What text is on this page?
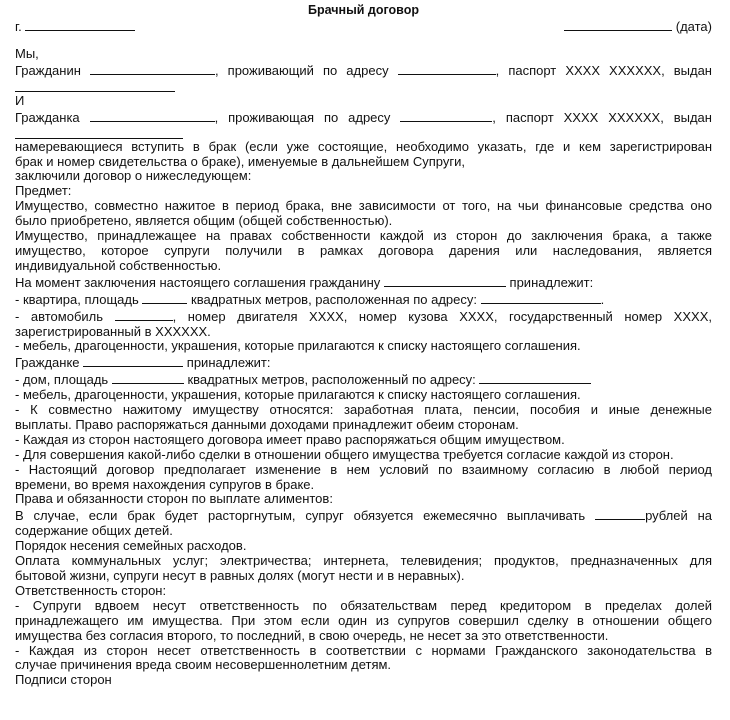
Брачный договор
г.	(дата)
Мы,
Гражданин	, проживающий по адресу	, паспорт ХХХХ ХХХХХХ, выдан
И
Гражданка	, проживающая по адресу	, паспорт ХХХХ ХХХХХХ, выдан
намеревающиеся вступить в брак (если уже состоящие, необходимо указать, где и кем зарегистрирован
брак и номер свидетельства о браке), именуемые в дальнейшем Супруги,
заключили договор о нижеследующем:
Предмет:
Имущество, совместно нажитое в период брака, вне зависимости от того, на чьи финансовые средства оно
было приобретено, является общим (общей собственностью).
Имущество, принадлежащее на правах собственности каждой из сторон до заключения брака, а также
имущество, которое супруги получили в рамках договора дарения или наследования, является
индивидуальной собственностью.
На момент заключения настоящего соглашения гражданину	принадлежит:
- квартира, площадь	квадратных метров, расположенная по адресу:	.
- автомобиль	, номер двигателя ХХХХ, номер кузова ХХХХ, государственный номер ХХХХ,
зарегистрированный в ХХХХХХ.
- мебель, драгоценности, украшения, которые прилагаются к списку настоящего соглашения.
Гражданке	принадлежит:
- дом, площадь	квадратных метров, расположенный по адресу:
- мебель, драгоценности, украшения, которые прилагаются к списку настоящего соглашения.
- К совместно нажитому имуществу относятся: заработная плата, пенсии, пособия и иные денежные
выплаты. Право распоряжаться данными доходами принадлежит обеим сторонам.
- Каждая из сторон настоящего договора имеет право распоряжаться общим имуществом.
- Для совершения какой-либо сделки в отношении общего имущества требуется согласие каждой из сторон.
- Настоящий договор предполагает изменение в нем условий по взаимному согласию в любой период
времени, во время нахождения супругов в браке.
Права и обязанности сторон по выплате алиментов:
В случае, если брак будет расторгнутым, супруг обязуется ежемесячно выплачивать	рублей на
содержание общих детей.
Порядок несения семейных расходов.
Оплата коммунальных услуг; электричества; интернета, телевидения; продуктов, предназначенных для
бытовой жизни, супруги несут в равных долях (могут нести и в неравных).
Ответственность сторон:
- Супруги вдвоем несут ответственность по обязательствам перед кредитором в пределах долей
принадлежащего им имущества. При этом если один из супругов совершил сделку в отношении общего
имущества без согласия второго, то последний, в свою очередь, не несет за это ответственности.
- Каждая из сторон несет ответственность в соответствии с нормами Гражданского законодательства в
случае причинения вреда своим несовершеннолетним детям.
Подписи сторон
